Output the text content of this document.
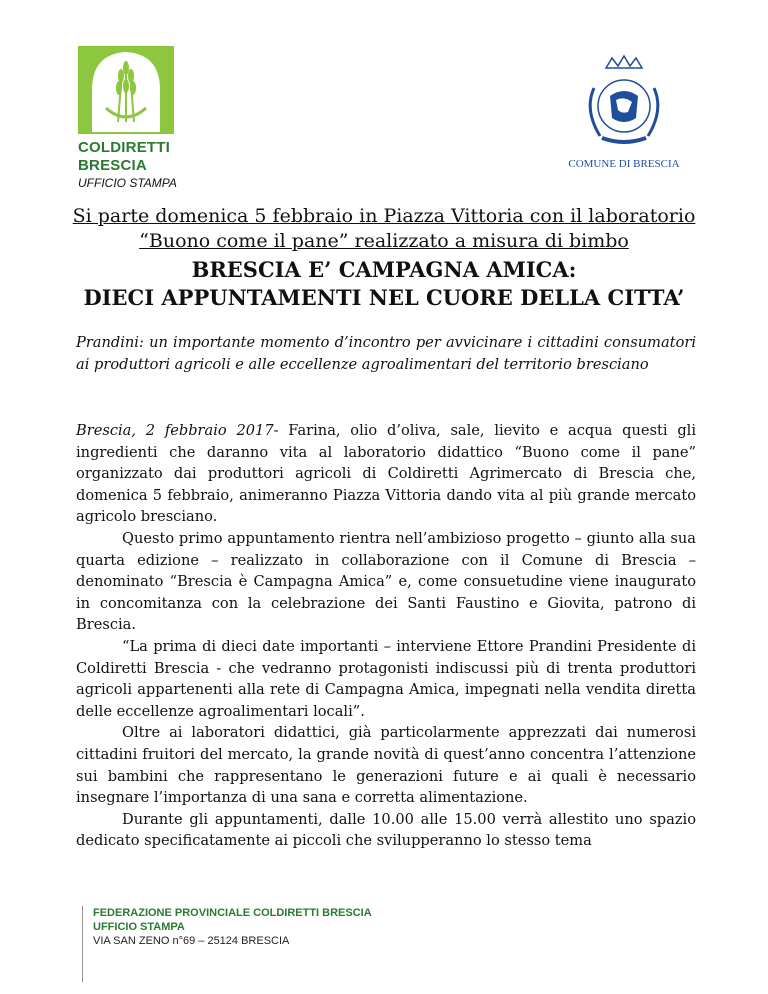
COLDIRETTI
BRESCIA
UFFICIO STAMPA
COMUNE DI BRESCIA
Si parte domenica 5 febbraio in Piazza Vittoria con il laboratorio
“Buono come il pane” realizzato a misura di bimbo
BRESCIA E’ CAMPAGNA AMICA:
DIECI APPUNTAMENTI NEL CUORE DELLA CITTA’
Prandini: un importante momento d’incontro per avvicinare i cittadini consumatori ai produttori agricoli e alle eccellenze agroalimentari del territorio bresciano

Brescia, 2 febbraio 2017- Farina, olio d’oliva, sale, lievito e acqua questi gli ingredienti che daranno vita al laboratorio didattico “Buono come il pane” organizzato dai produttori agricoli di Coldiretti Agrimercato di Brescia che, domenica 5 febbraio, animeranno Piazza Vittoria dando vita al più grande mercato agricolo bresciano.

Questo primo appuntamento rientra nell’ambizioso progetto – giunto alla sua quarta edizione – realizzato in collaborazione con il Comune di Brescia – denominato “Brescia è Campagna Amica” e, come consuetudine viene inaugurato in concomitanza con la celebrazione dei Santi Faustino e Giovita, patrono di Brescia.

“La prima di dieci date importanti – interviene Ettore Prandini Presidente di Coldiretti Brescia - che vedranno protagonisti indiscussi più di trenta produttori agricoli appartenenti alla rete di Campagna Amica, impegnati nella vendita diretta delle eccellenze agroalimentari locali”.

Oltre ai laboratori didattici, già particolarmente apprezzati dai numerosi cittadini fruitori del mercato, la grande novità di quest’anno concentra l’attenzione sui bambini che rappresentano le generazioni future e ai quali è necessario insegnare l’importanza di una sana e corretta alimentazione.

Durante gli appuntamenti, dalle 10.00 alle 15.00 verrà allestito uno spazio dedicato specificatamente ai piccoli che svilupperanno lo stesso tema

FEDERAZIONE PROVINCIALE COLDIRETTI BRESCIA
UFFICIO STAMPA
VIA SAN ZENO n°69 – 25124 BRESCIA
